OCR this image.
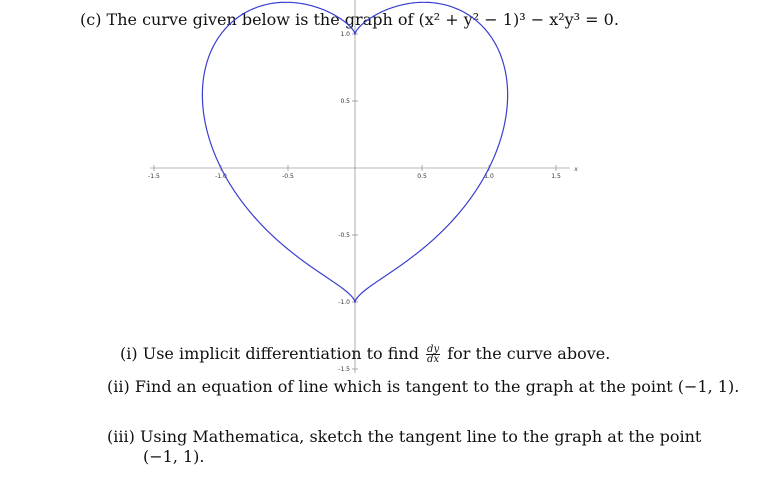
(c) The curve given below is the graph of (x² + y² − 1)³ − x²y³ = 0.
x
-1.5	-1.0	-0.5	0.5	1.0	1.5
1.0
0.5
-0.5
-1.0
-1.5
(i) Use implicit differentiation to find $\frac{dy}{dx}$ for the curve above.
(ii) Find an equation of line which is tangent to the graph at the point (−1, 1).
(iii) Using Mathematica, sketch the tangent line to the graph at the point
(−1, 1).
